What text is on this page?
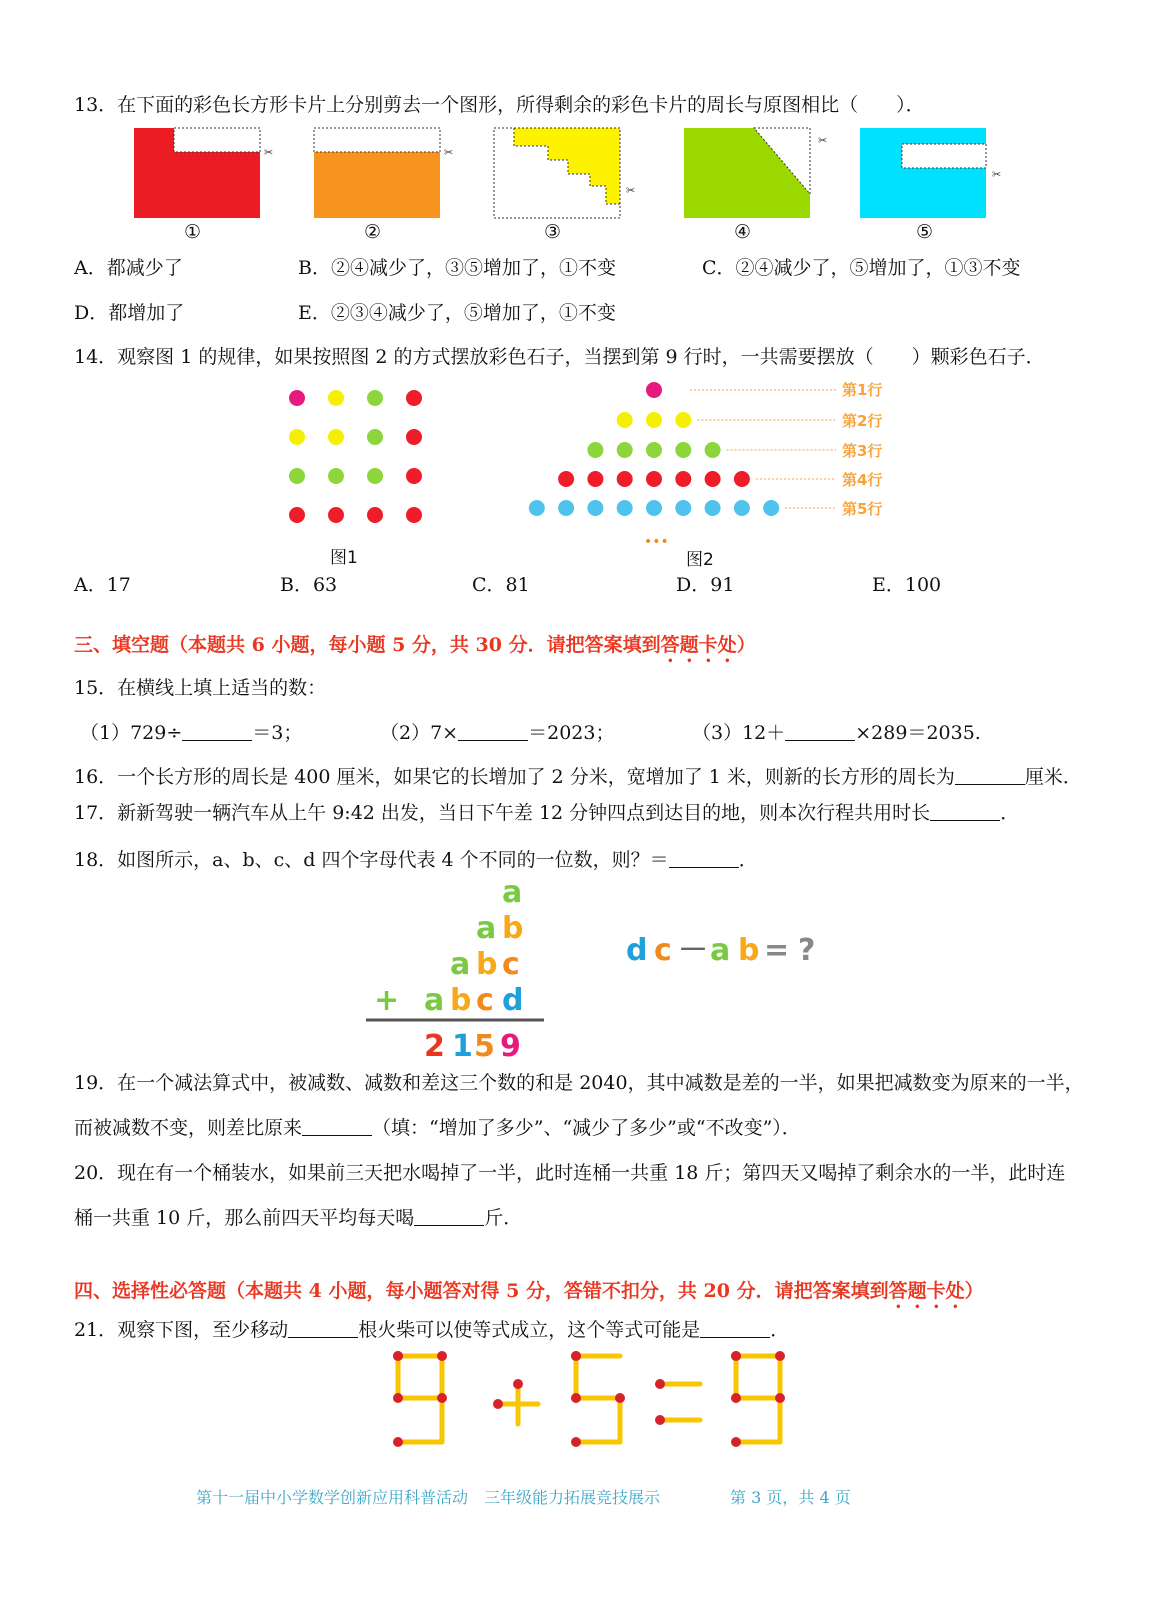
13．在下面的彩色长方形卡片上分别剪去一个图形，所得剩余的彩色卡片的周长与原图相比（　　）．
✂	✂
✂
✂
✂
①	②	③	④	⑤
A．都减少了	B．②④减少了，③⑤增加了，①不变	C．②④减少了，⑤增加了，①③不变
D．都增加了	E．②③④减少了，⑤增加了，①不变
14．观察图 1 的规律，如果按照图 2 的方式摆放彩色石子，当摆到第 9 行时，一共需要摆放（　　）颗彩色石子．
图1
•••
第1行
第2行
第3行
第4行
第5行
图2
A．17	B．63	C．81	D．91	E．100
三、填空题（本题共 6 小题，每小题 5 分，共 30 分．请把答案填到答题卡处）
15．在横线上填上适当的数：
（1）729÷	＝3；	（2）7×	＝2023；	（3）12＋	×289＝2035.
16．一个长方形的周长是 400 厘米，如果它的长增加了 2 分米，宽增加了 1 米，则新的长方形的周长为	厘米．
17．新新驾驶一辆汽车从上午 9:42 出发，当日下午差 12 分钟四点到达目的地，则本次行程共用时长	．
18．如图所示，a、b、c、d 四个字母代表 4 个不同的一位数，则？＝	．
a
a b
a b c
+ a b c d
2 1 5 9
d c － a b = ?
19．在一个减法算式中，被减数、减数和差这三个数的和是 2040，其中减数是差的一半，如果把减数变为原来的一半，
而被减数不变，则差比原来	（填：“增加了多少”、“减少了多少”或“不改变”）．
20．现在有一个桶装水，如果前三天把水喝掉了一半，此时连桶一共重 18 斤；第四天又喝掉了剩余水的一半，此时连
桶一共重 10 斤，那么前四天平均每天喝	斤．
四、选择性必答题（本题共 4 小题，每小题答对得 5 分，答错不扣分，共 20 分．请把答案填到答题卡处）
21．观察下图，至少移动	根火柴可以使等式成立，这个等式可能是	．
第十一届中小学数学创新应用科普活动　三年级能力拓展竞技展示	第 3 页，共 4 页
